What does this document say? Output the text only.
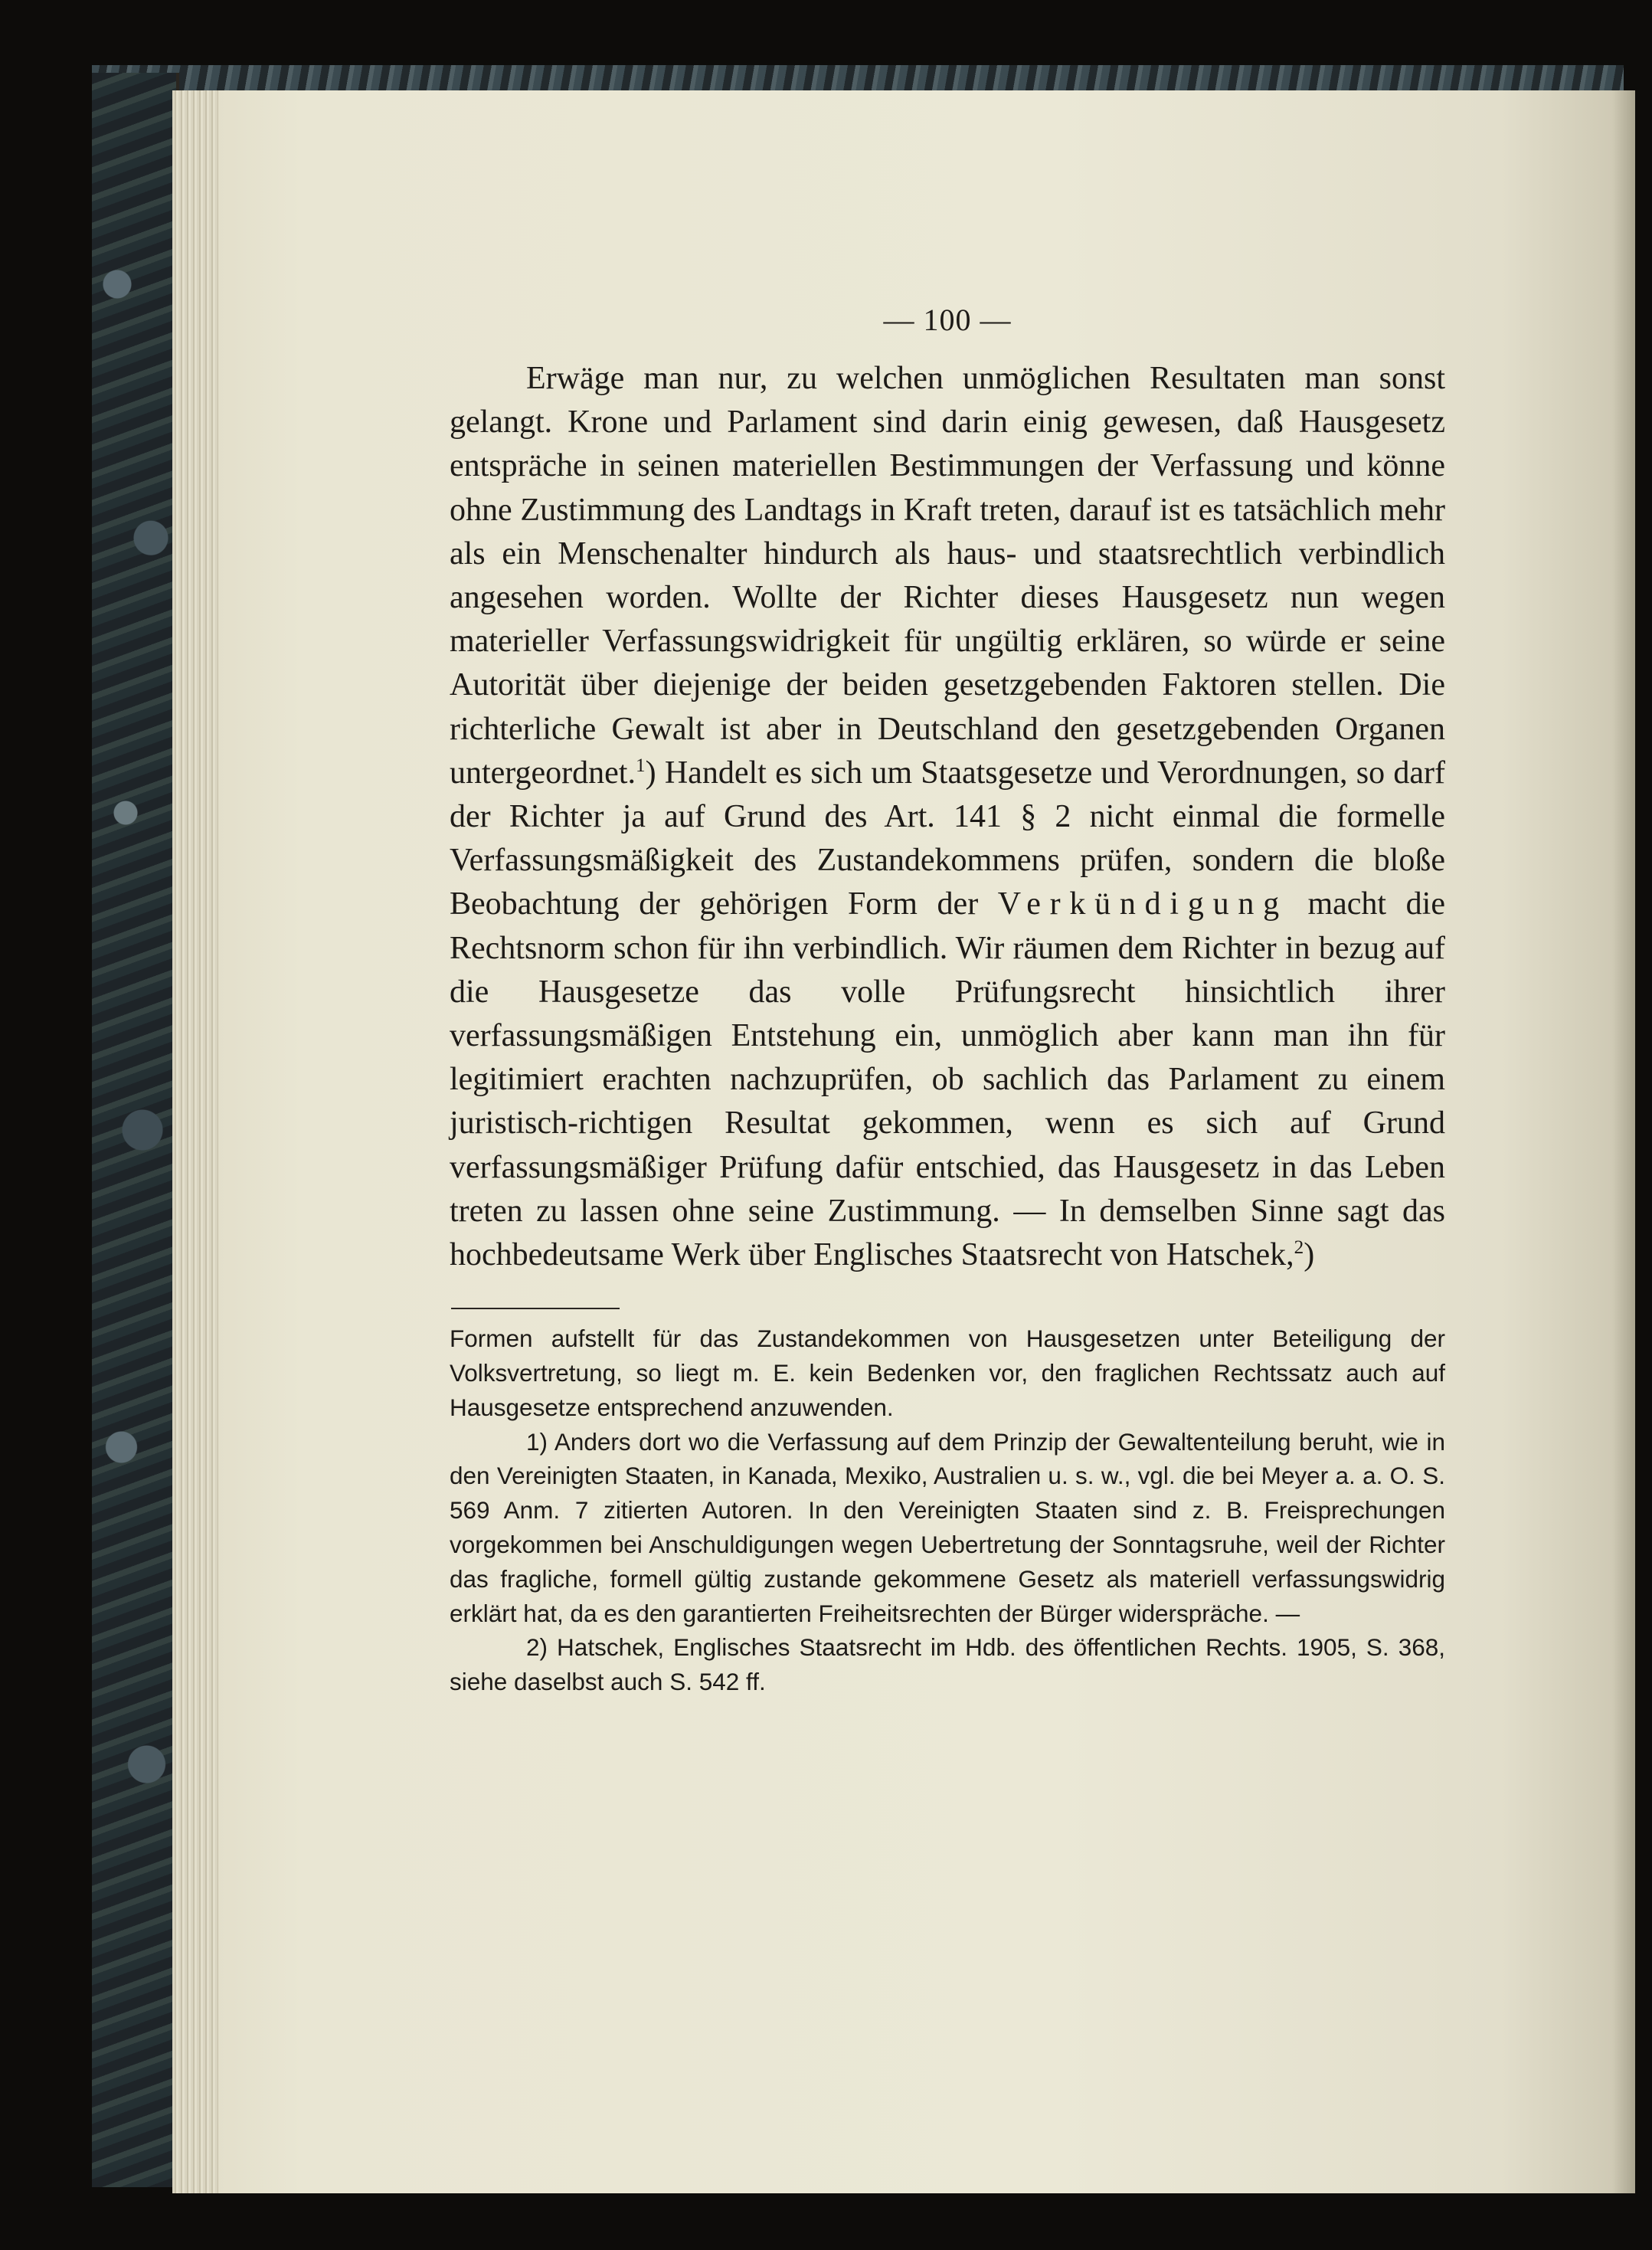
— 100 —

Erwäge man nur, zu welchen unmöglichen Resultaten man sonst gelangt. Krone und Parlament sind darin einig gewesen, daß Hausgesetz entspräche in seinen materiellen Bestimmungen der Verfassung und könne ohne Zustimmung des Landtags in Kraft treten, darauf ist es tatsächlich mehr als ein Menschenalter hindurch als haus- und staatsrechtlich verbindlich angesehen worden. Wollte der Richter dieses Hausgesetz nun wegen materieller Verfassungswidrigkeit für ungültig erklären, so würde er seine Autorität über diejenige der beiden gesetzgebenden Faktoren stellen. Die richterliche Gewalt ist aber in Deutschland den gesetzgebenden Organen untergeordnet.$^1$) Handelt es sich um Staatsgesetze und Verordnungen, so darf der Richter ja auf Grund des Art. 141 § 2 nicht einmal die formelle Verfassungsmäßigkeit des Zustandekommens prüfen, sondern die bloße Beobachtung der gehörigen Form der Verkündigung macht die Rechtsnorm schon für ihn verbindlich. Wir räumen dem Richter in bezug auf die Hausgesetze das volle Prüfungsrecht hinsichtlich ihrer verfassungsmäßigen Entstehung ein, unmöglich aber kann man ihn für legitimiert erachten nachzuprüfen, ob sachlich das Parlament zu einem juristisch-richtigen Resultat gekommen, wenn es sich auf Grund verfassungsmäßiger Prüfung dafür entschied, das Hausgesetz in das Leben treten zu lassen ohne seine Zustimmung. — In demselben Sinne sagt das hochbedeutsame Werk über Englisches Staatsrecht von Hatschek,$^2$)

Formen aufstellt für das Zustandekommen von Hausgesetzen unter Beteiligung der Volksvertretung, so liegt m. E. kein Bedenken vor, den fraglichen Rechtssatz auch auf Hausgesetze entsprechend anzuwenden.

1) Anders dort wo die Verfassung auf dem Prinzip der Gewaltenteilung beruht, wie in den Vereinigten Staaten, in Kanada, Mexiko, Australien u. s. w., vgl. die bei Meyer a. a. O. S. 569 Anm. 7 zitierten Autoren. In den Vereinigten Staaten sind z. B. Freisprechungen vorgekommen bei Anschuldigungen wegen Uebertretung der Sonntagsruhe, weil der Richter das fragliche, formell gültig zustande gekommene Gesetz als materiell verfassungswidrig erklärt hat, da es den garantierten Freiheitsrechten der Bürger widerspräche. —

2) Hatschek, Englisches Staatsrecht im Hdb. des öffentlichen Rechts. 1905, S. 368, siehe daselbst auch S. 542 ff.
